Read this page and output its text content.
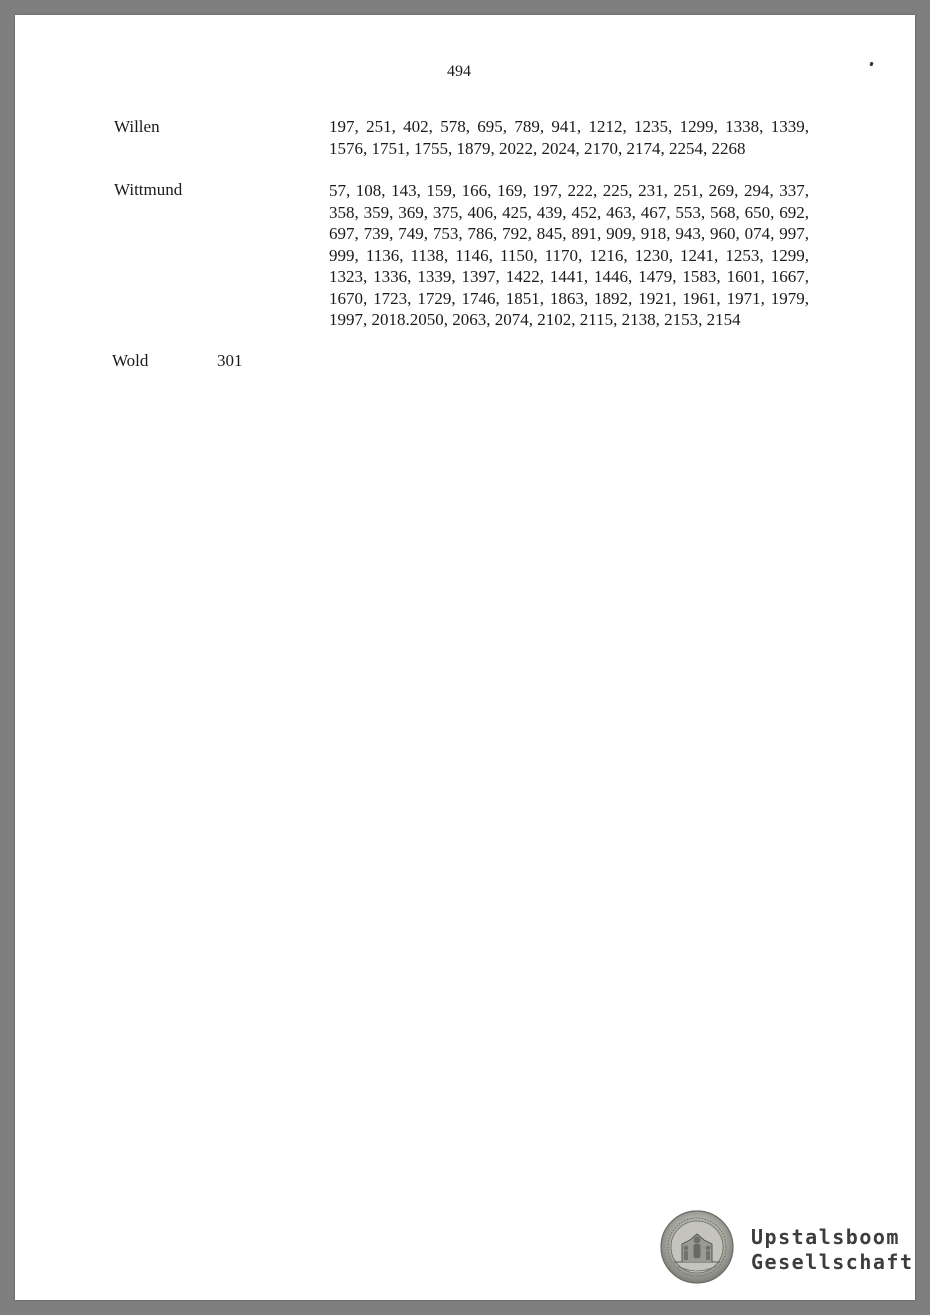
494
Willen	197, 251, 402, 578, 695, 789, 941, 1212, 1235, 1299, 1338, 1339, 1576, 1751, 1755, 1879, 2022, 2024, 2170, 2174, 2254, 2268
Wittmund	57, 108, 143, 159, 166, 169, 197, 222, 225, 231, 251, 269, 294, 337, 358, 359, 369, 375, 406, 425, 439, 452, 463, 467, 553, 568, 650, 692, 697, 739, 749, 753, 786, 792, 845, 891, 909, 918, 943, 960, 074, 997, 999, 1136, 1138, 1146, 1150, 1170, 1216, 1230, 1241, 1253, 1299, 1323, 1336, 1339, 1397, 1422, 1441, 1446, 1479, 1583, 1601, 1667, 1670, 1723, 1729, 1746, 1851, 1863, 1892, 1921, 1961, 1971, 1979, 1997, 2018.2050, 2063, 2074, 2102, 2115, 2138, 2153, 2154
Wold	301
Upstalsboom
Gesellschaft
